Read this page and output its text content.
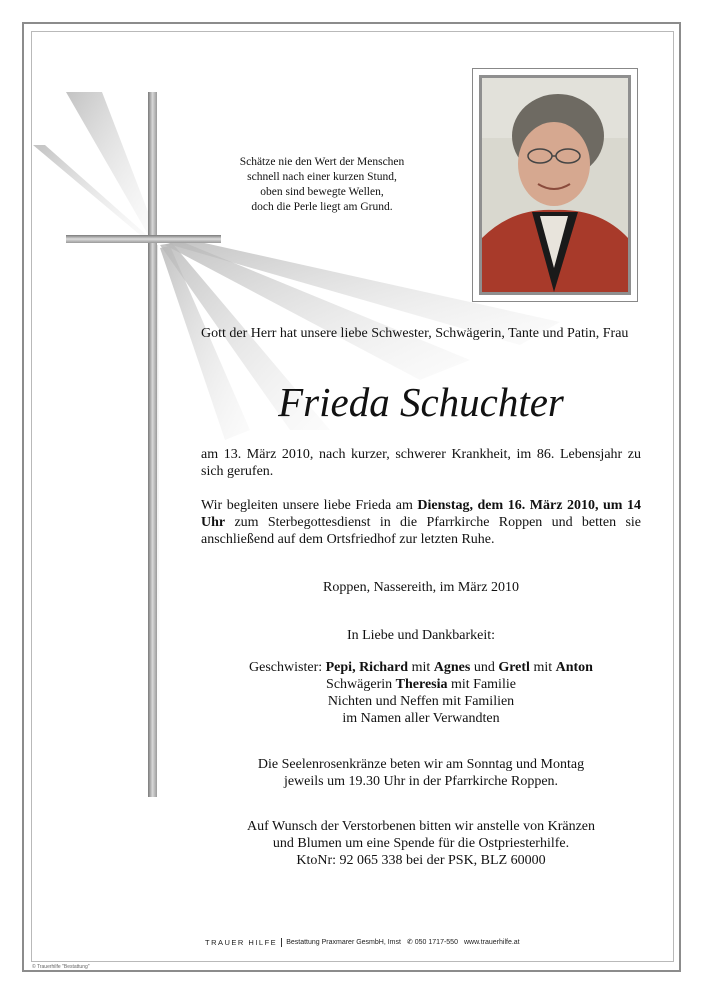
Schätze nie den Wert der Menschen
schnell nach einer kurzen Stund,
oben sind bewegte Wellen,
doch die Perle liegt am Grund.
Gott der Herr hat unsere liebe Schwester, Schwägerin, Tante und Patin, Frau
Frieda Schuchter
am 13. März 2010, nach kurzer, schwerer Krankheit, im 86. Lebensjahr zu sich gerufen.
Wir begleiten unsere liebe Frieda am Dienstag, dem 16. März 2010, um 14 Uhr zum Sterbegottesdienst in die Pfarrkirche Roppen und betten sie anschließend auf dem Ortsfriedhof zur letzten Ruhe.
Roppen, Nassereith, im März 2010
In Liebe und Dankbarkeit:
Geschwister: Pepi, Richard mit Agnes und Gretl mit Anton
Schwägerin Theresia mit Familie
Nichten und Neffen mit Familien
im Namen aller Verwandten
Die Seelenrosenkränze beten wir am Sonntag und Montag
jeweils um 19.30 Uhr in der Pfarrkirche Roppen.
Auf Wunsch der Verstorbenen bitten wir anstelle von Kränzen
und Blumen um eine Spende für die Ostpriesterhilfe.
KtoNr: 92 065 338 bei der PSK, BLZ 60000
TRAUER HILFE	Bestattung Praxmarer GesmbH, Imst ✆ 050 1717-550 www.trauerhilfe.at
© Trauerhilfe "Bestattung"
